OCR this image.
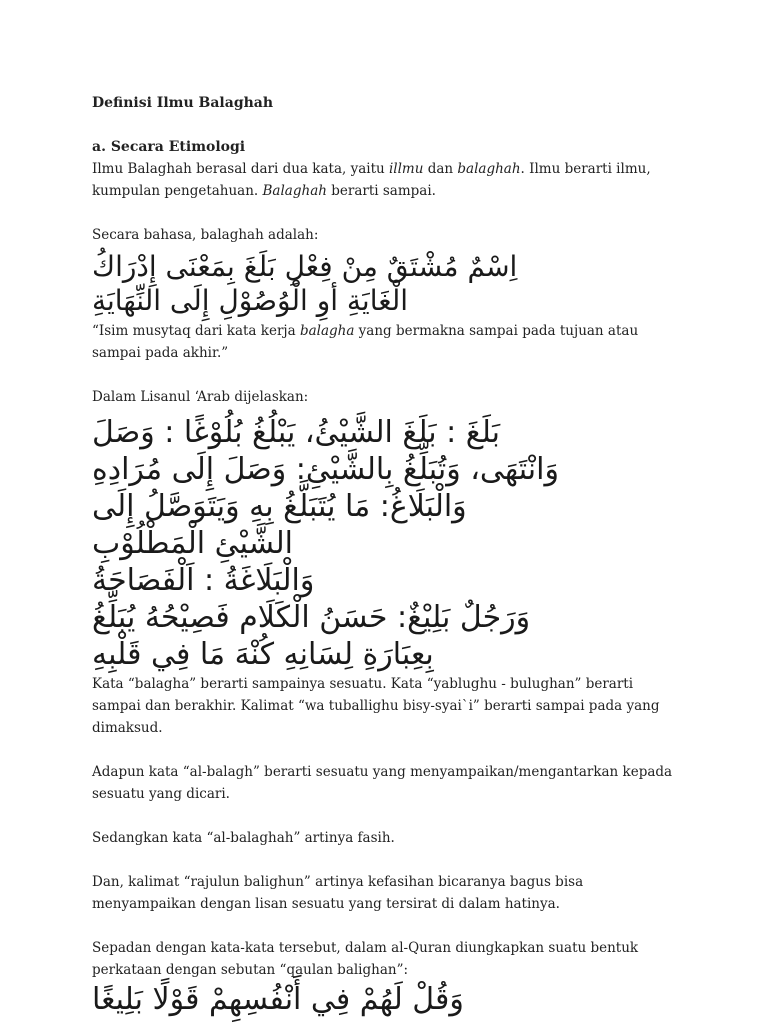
Definisi Ilmu Balaghah

a. Secara Etimologi

Ilmu Balaghah berasal dari dua kata, yaitu illmu dan balaghah. Ilmu berarti ilmu, kumpulan pengetahuan. Balaghah berarti sampai.

Secara bahasa, balaghah adalah:

اِسْمٌ مُشْتَقٌ مِنْ فِعْلِ بَلَغَ بِمَعْنَى إِدْرَاكُ

الْغَايَةِ أوِ الْوُصُوْلِ إِلَى النِّهَايَةِ

“Isim musytaq dari kata kerja balagha yang bermakna sampai pada tujuan atau sampai pada akhir.”

Dalam Lisanul ‘Arab dijelaskan:

بَلَغَ : بَلَغَ الشَّيْئُ، يَبْلُغُ بُلُوْغًا : وَصَلَ

وَانْتَهَى، وَتُبَلِّغُ بِالشَّيْئِ: وَصَلَ إِلَى مُرَادِهِ

وَالْبَلَاغُ: مَا يُتَبَلَّغُ بِهِ وَيَتَوَصَّلُ إِلَى

الشَّيْئِ الْمَطْلُوْبِ

وَالْبَلَاغَةُ : اَلْفَصَاحَةُ

وَرَجُلٌ بَلِيْغٌ: حَسَنُ الْكَلَام فَصِيْحُهُ يُبَلِّغُ

بِعِبَارَةِ لِسَانِهِ كُنْهَ مَا فِي قَلْبِهِ

Kata “balagha” berarti sampainya sesuatu. Kata “yablughu - bulughan” berarti sampai dan berakhir. Kalimat “wa tuballighu bisy-syai`i” berarti sampai pada yang dimaksud.

Adapun kata “al-balagh” berarti sesuatu yang menyampaikan/mengantarkan kepada sesuatu yang dicari.

Sedangkan kata “al-balaghah” artinya fasih.

Dan, kalimat “rajulun balighun” artinya kefasihan bicaranya bagus bisa menyampaikan dengan lisan sesuatu yang tersirat di dalam hatinya.

Sepadan dengan kata-kata tersebut, dalam al-Quran diungkapkan suatu bentuk perkataan dengan sebutan “qaulan balighan”:

وَقُلْ لَهُمْ فِي أَنْفُسِهِمْ قَوْلًا بَلِيغًا
